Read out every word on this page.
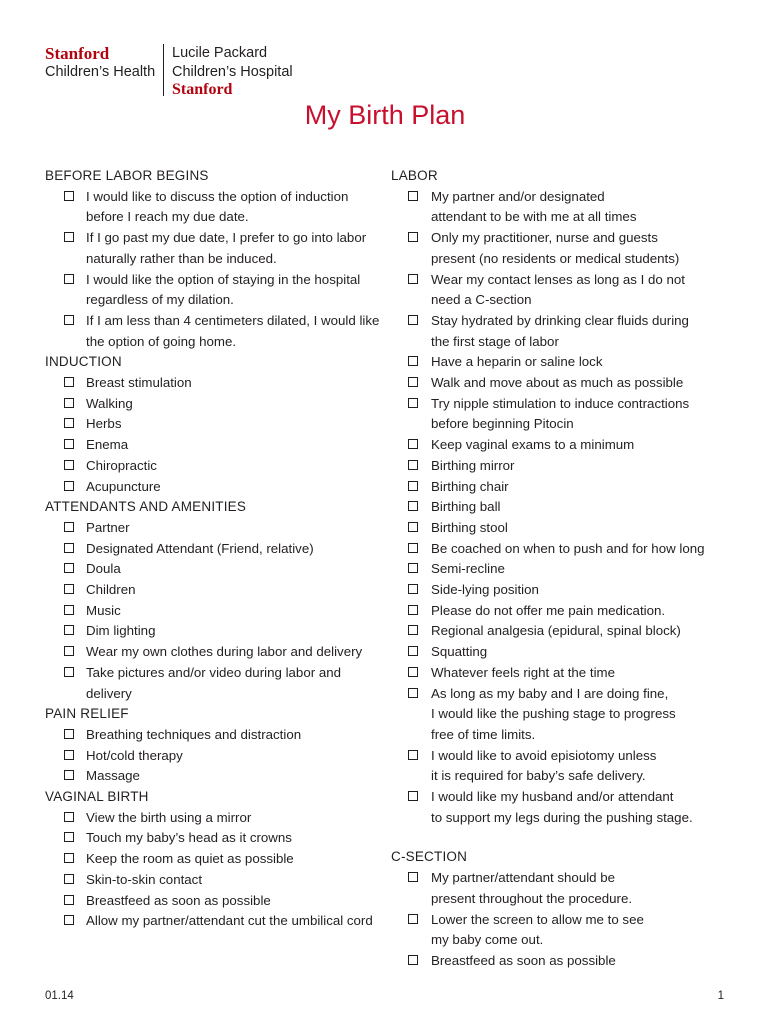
Stanford
Children’s Health
Lucile Packard
Children’s Hospital
Stanford
My Birth Plan
BEFORE LABOR BEGINS
I would like to discuss the option of induction
before I reach my due date.
If I go past my due date, I prefer to go into labor
naturally rather than be induced.
I would like the option of staying in the hospital
regardless of my dilation.
If I am less than 4 centimeters dilated, I would like
the option of going home.
INDUCTION
Breast stimulation
Walking
Herbs
Enema
Chiropractic
Acupuncture
ATTENDANTS AND AMENITIES
Partner
Designated Attendant (Friend, relative)
Doula
Children
Music
Dim lighting
Wear my own clothes during labor and delivery
Take pictures and/or video during labor and
delivery
PAIN RELIEF
Breathing techniques and distraction
Hot/cold therapy
Massage
VAGINAL BIRTH
View the birth using a mirror
Touch my baby’s head as it crowns
Keep the room as quiet as possible
Skin-to-skin contact
Breastfeed as soon as possible
Allow my partner/attendant cut the umbilical cord
LABOR
My partner and/or designated
attendant to be with me at all times
Only my practitioner, nurse and guests
present (no residents or medical students)
Wear my contact lenses as long as I do not
need a C-section
Stay hydrated by drinking clear fluids during
the first stage of labor
Have a heparin or saline lock
Walk and move about as much as possible
Try nipple stimulation to induce contractions
before beginning Pitocin
Keep vaginal exams to a minimum
Birthing mirror
Birthing chair
Birthing ball
Birthing stool
Be coached on when to push and for how long
Semi-recline
Side-lying position
Please do not offer me pain medication.
Regional analgesia (epidural, spinal block)
Squatting
Whatever feels right at the time
As long as my baby and I are doing fine,
I would like the pushing stage to progress
free of time limits.
I would like to avoid episiotomy unless
it is required for baby’s safe delivery.
I would like my husband and/or attendant
to support my legs during the pushing stage.
C-SECTION
My partner/attendant should be
present throughout the procedure.
Lower the screen to allow me to see
my baby come out.
Breastfeed as soon as possible
01.14	1
